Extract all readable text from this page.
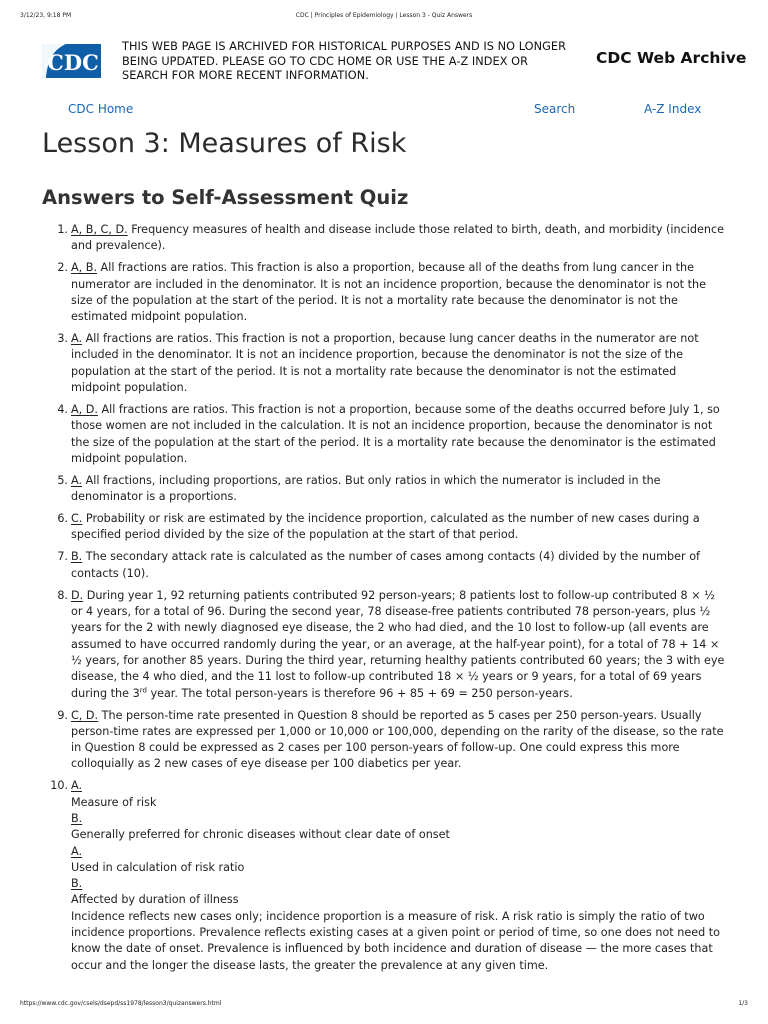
3/12/23, 9:18 PM	CDC | Principles of Epidemiology | Lesson 3 - Quiz Answers
CDC
THIS WEB PAGE IS ARCHIVED FOR HISTORICAL PURPOSES AND IS NO LONGER BEING UPDATED. PLEASE GO TO CDC HOME OR USE THE A-Z INDEX OR SEARCH FOR MORE RECENT INFORMATION.
CDC Web Archive
CDC Home	Search	A-Z Index
Lesson 3: Measures of Risk
Answers to Self-Assessment Quiz
1. A, B, C, D. Frequency measures of health and disease include those related to birth, death, and morbidity (incidence and prevalence).
2. A, B. All fractions are ratios. This fraction is also a proportion, because all of the deaths from lung cancer in the numerator are included in the denominator. It is not an incidence proportion, because the denominator is not the size of the population at the start of the period. It is not a mortality rate because the denominator is not the estimated midpoint population.
3. A. All fractions are ratios. This fraction is not a proportion, because lung cancer deaths in the numerator are not included in the denominator. It is not an incidence proportion, because the denominator is not the size of the population at the start of the period. It is not a mortality rate because the denominator is not the estimated midpoint population.
4. A, D. All fractions are ratios. This fraction is not a proportion, because some of the deaths occurred before July 1, so those women are not included in the calculation. It is not an incidence proportion, because the denominator is not the size of the population at the start of the period. It is a mortality rate because the denominator is the estimated midpoint population.
5. A. All fractions, including proportions, are ratios. But only ratios in which the numerator is included in the denominator is a proportions.
6. C. Probability or risk are estimated by the incidence proportion, calculated as the number of new cases during a specified period divided by the size of the population at the start of that period.
7. B. The secondary attack rate is calculated as the number of cases among contacts (4) divided by the number of contacts (10).
8. D. During year 1, 92 returning patients contributed 92 person-years; 8 patients lost to follow-up contributed 8 × ½ or 4 years, for a total of 96. During the second year, 78 disease-free patients contributed 78 person-years, plus ½ years for the 2 with newly diagnosed eye disease, the 2 who had died, and the 10 lost to follow-up (all events are assumed to have occurred randomly during the year, or an average, at the half-year point), for a total of 78 + 14 × ½ years, for another 85 years. During the third year, returning healthy patients contributed 60 years; the 3 with eye disease, the 4 who died, and the 11 lost to follow-up contributed 18 × ½ years or 9 years, for a total of 69 years during the 3rd year. The total person-years is therefore 96 + 85 + 69 = 250 person-years.
9. C, D. The person-time rate presented in Question 8 should be reported as 5 cases per 250 person-years. Usually person-time rates are expressed per 1,000 or 10,000 or 100,000, depending on the rarity of the disease, so the rate in Question 8 could be expressed as 2 cases per 100 person-years of follow-up. One could express this more colloquially as 2 new cases of eye disease per 100 diabetics per year.
10. A.
Measure of risk
B.
Generally preferred for chronic diseases without clear date of onset
A.
Used in calculation of risk ratio
B.
Affected by duration of illness
Incidence reflects new cases only; incidence proportion is a measure of risk. A risk ratio is simply the ratio of two incidence proportions. Prevalence reflects existing cases at a given point or period of time, so one does not need to know the date of onset. Prevalence is influenced by both incidence and duration of disease — the more cases that occur and the longer the disease lasts, the greater the prevalence at any given time.
https://www.cdc.gov/csels/dsepd/ss1978/lesson3/quizanswers.html	1/3
